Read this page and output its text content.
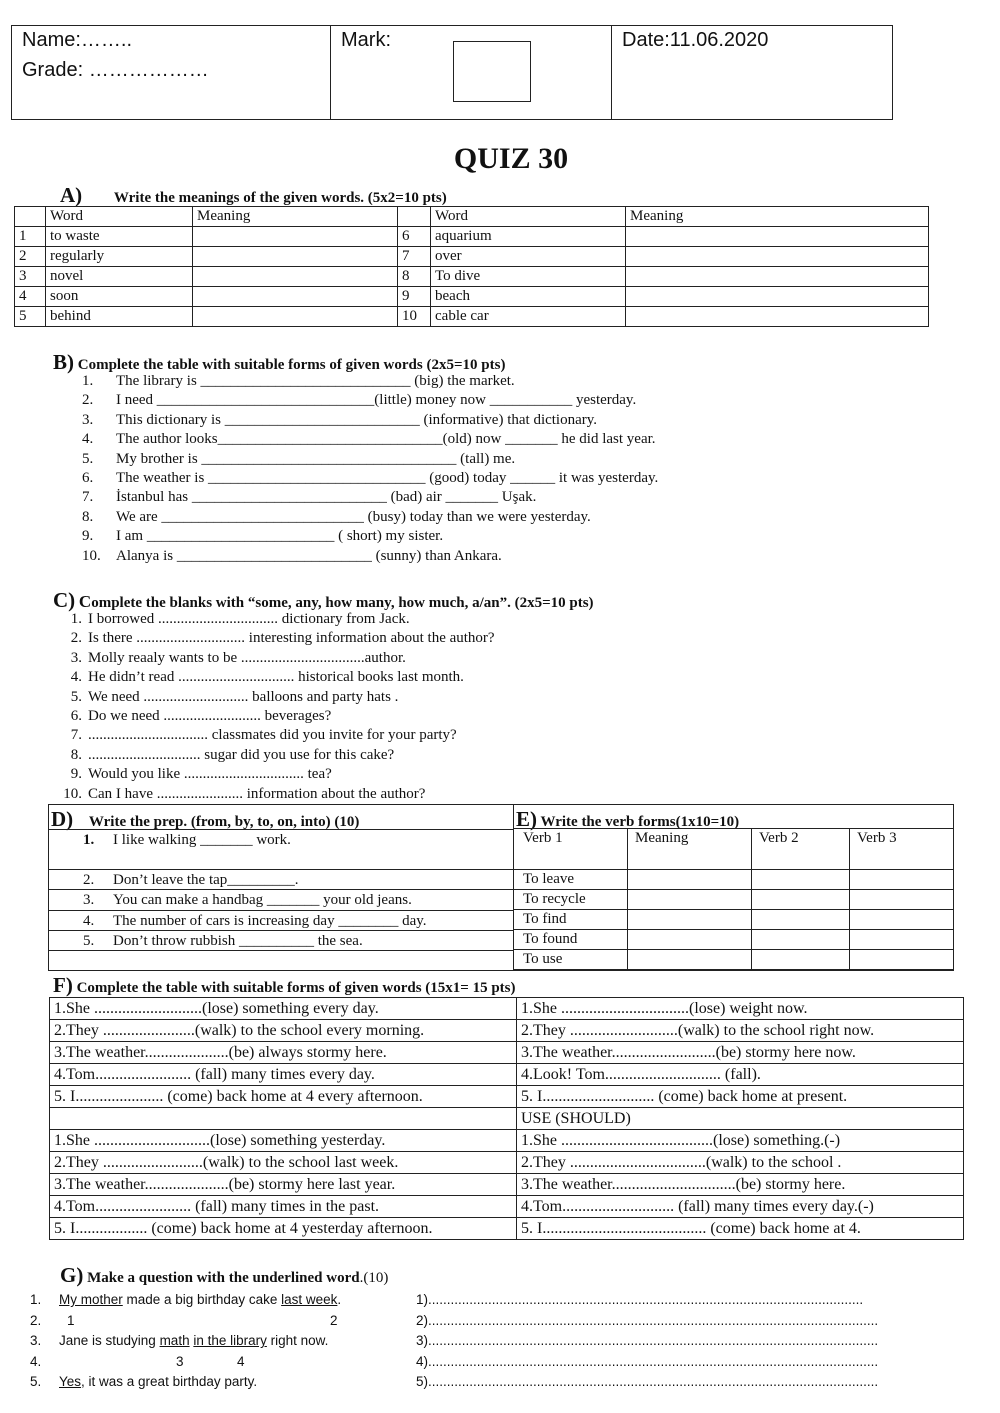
Name:……..
Grade: ………………
Mark:	Date:11.06.2020
QUIZ 30
A) Write the meanings of the given words. (5x2=10 pts)
	Word	Meaning		Word	Meaning
1	to waste		6	aquarium	
2	regularly		7	over	
3	novel		8	To dive	
4	soon		9	beach	
5	behind		10	cable car	
B) Complete the table with suitable forms of given words (2x5=10 pts)
1. The library is ____________________________ (big) the market.
2. I need _____________________________(little) money now ___________ yesterday.
3. This dictionary is __________________________ (informative) that dictionary.
4. The author looks______________________________(old) now _______ he did last year.
5. My brother is __________________________________ (tall) me.
6. The weather is _____________________________ (good) today ______ it was yesterday.
7. İstanbul has __________________________ (bad) air _______ Uşak.
8. We are ___________________________ (busy) today than we were yesterday.
9. I am _________________________ ( short) my sister.
10. Alanya is __________________________ (sunny) than Ankara.
C) Complete the blanks with “some, any, how many, how much, a/an”. (2x5=10 pts)
1. I borrowed ................................ dictionary from Jack.
2. Is there ............................. interesting information about the author?
3. Molly reaaly wants to be .................................author.
4. He didn’t read ............................... historical books last month.
5. We need ............................ balloons and party hats .
6. Do we need .......................... beverages?
7. ................................ classmates did you invite for your party?
8. .............................. sugar did you use for this cake?
9. Would you like ................................ tea?
10. Can I have ....................... information about the author?
D) Write the prep. (from, by, to, on, into) (10)
1. I like walking _______ work.
2. Don’t leave the tap_________.
3. You can make a handbag _______ your old jeans.
4. The number of cars is increasing day ________ day.
5. Don’t throw rubbish __________ the sea.
E) Write the verb forms(1x10=10)
Verb 1	Meaning	Verb 2	Verb 3
To leave			
To recycle			
To find			
To found			
To use			
F) Complete the table with suitable forms of given words (15x1= 15 pts)
1.She ...........................(lose) something every day.	1.She ................................(lose) weight now.
2.They .......................(walk) to the school every morning.	2.They ...........................(walk) to the school right now.
3.The weather.....................(be) always stormy here.	3.The weather..........................(be) stormy here now.
4.Tom........................ (fall) many times every day.	4.Look! Tom............................. (fall).
5. I...................... (come) back home at 4 every afternoon.	5. I............................ (come) back home at present.
	USE (SHOULD)
1.She .............................(lose) something yesterday.	1.She ......................................(lose) something.(-)
2.They .........................(walk) to the school last week.	2.They ..................................(walk) to the school .
3.The weather.....................(be) stormy here last year.	3.The weather...............................(be) stormy here.
4.Tom........................ (fall) many times in the past.	4.Tom............................ (fall) many times every day.(-)
5. I.................. (come) back home at 4 yesterday afternoon.	5. I......................................... (come) back home at 4.
G) Make a question with the underlined word.(10)
1. My mother made a big birthday cake last week.
2. 1	2
3. Jane is studying math in the library right now.
4.	3	4
5. Yes, it was a great birthday party.
1)....................................................................................................................
2)........................................................................................................................
3)........................................................................................................................
4)........................................................................................................................
5)........................................................................................................................
